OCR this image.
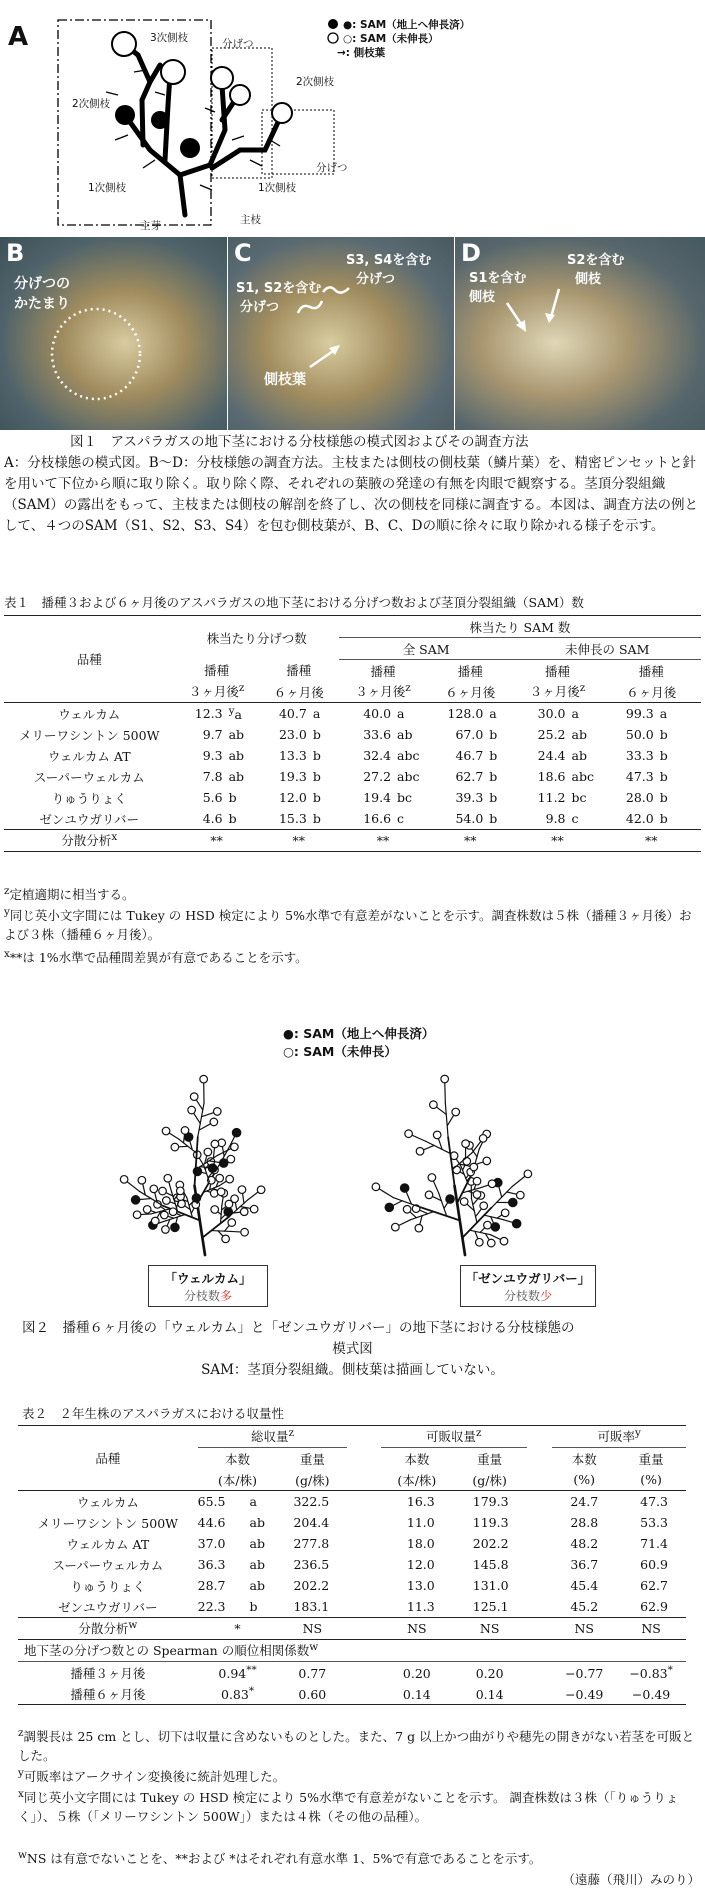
A	3次側枝
2次側枝
1次側枝
分げつ
2次側枝
分げつ
1次側枝
主芽	主枝
●: SAM（地上へ伸長済）
○: SAM（未伸長）
→: 側枝葉
B
分げつの
かたまり
C
S1, S2を含む
分げつ
S3, S4を含む
分げつ
側枝葉
D
S1を含む
側枝
S2を含む
側枝
図１　アスパラガスの地下茎における分枝様態の模式図およびその調査方法
A：分枝様態の模式図。B〜D：分枝様態の調査方法。主枝または側枝の側枝葉（鱗片葉）を、精密ピンセットと針を用いて下位から順に取り除く。取り除く際、それぞれの葉腋の発達の有無を肉眼で観察する。茎頂分裂組織（SAM）の露出をもって、主枝または側枝の解剖を終了し、次の側枝を同様に調査する。本図は、調査方法の例として、４つのSAM（S1、S2、S3、S4）を包む側枝葉が、B、C、Dの順に徐々に取り除かれる様子を示す。
表１　播種３および６ヶ月後のアスパラガスの地下茎における分げつ数および茎頂分裂組織（SAM）数
品種	株当たり分げつ数				株当たり SAM 数							
					全 SAM				未伸長の SAM			
	播種		播種		播種		播種		播種		播種	
	３ヶ月後$^z$		６ヶ月後		３ヶ月後$^z$		６ヶ月後		３ヶ月後$^z$		６ヶ月後	
ウェルカム	12.3	$^y$a	40.7	a	40.0	a	128.0	a	30.0	a	99.3	a
メリーワシントン 500W	9.7	ab	23.0	b	33.6	ab	67.0	b	25.2	ab	50.0	b
ウェルカム AT	9.3	ab	13.3	b	32.4	abc	46.7	b	24.4	ab	33.3	b
スーパーウェルカム	7.8	ab	19.3	b	27.2	abc	62.7	b	18.6	abc	47.3	b
りゅうりょく	5.6	b	12.0	b	19.4	bc	39.3	b	11.2	bc	28.0	b
ゼンユウガリバー	4.6	b	15.3	b	16.6	c	54.0	b	9.8	c	42.0	b
分散分析$^x$	**		**		**		**		**		**	
$^z$定植適期に相当する。
$^y$同じ英小文字間には Tukey の HSD 検定により 5%水準で有意差がないことを示す。調査株数は５株（播種３ヶ月後）および３株（播種６ヶ月後）。
$^x$**は 1%水準で品種間差異が有意であることを示す。
●: SAM（地上へ伸長済）
○: SAM（未伸長）
「ウェルカム」
分枝数多
「ゼンユウガリバー」
分枝数少
図２　播種６ヶ月後の「ウェルカム」と「ゼンユウガリバー」の地下茎における分枝様態の
模式図
SAM：茎頂分裂組織。側枝葉は描画していない。
表２　２年生株のアスパラガスにおける収量性
品種	総収量$^z$				可販収量$^z$			可販率$^y$
	本数		重量		本数	重量		本数	重量
	(本/株)		(g/株)		(本/株)	(g/株)		(%)	(%)
ウェルカム	65.5	a	322.5		16.3	179.3		24.7	47.3
メリーワシントン 500W	44.6	ab	204.4		11.0	119.3		28.8	53.3
ウェルカム AT	37.0	ab	277.8		18.0	202.2		48.2	71.4
スーパーウェルカム	36.3	ab	236.5		12.0	145.8		36.7	60.9
りゅうりょく	28.7	ab	202.2		13.0	131.0		45.4	62.7
ゼンユウガリバー	22.3	b	183.1		11.3	125.1		45.2	62.9
分散分析$^w$	*		NS		NS	NS		NS	NS
地下茎の分げつ数との Spearman の順位相関係数$^w$
播種３ヶ月後	0.94**		0.77		0.20	0.20		−0.77	−0.83*
播種６ヶ月後	0.83*		0.60		0.14	0.14		−0.49	−0.49
$^z$調製長は 25 cm とし、切下は収量に含めないものとした。また、7 g 以上かつ曲がりや穂先の開きがない若茎を可販とした。
$^y$可販率はアークサイン変換後に統計処理した。
$^x$同じ英小文字間には Tukey の HSD 検定により 5%水準で有意差がないことを示す。 調査株数は３株（「りゅうりょく」）、５株（「メリーワシントン 500W」）または４株（その他の品種）。
$^w$NS は有意でないことを、**および *はそれぞれ有意水準 1、5%で有意であることを示す。
（遠藤（飛川）みのり）
